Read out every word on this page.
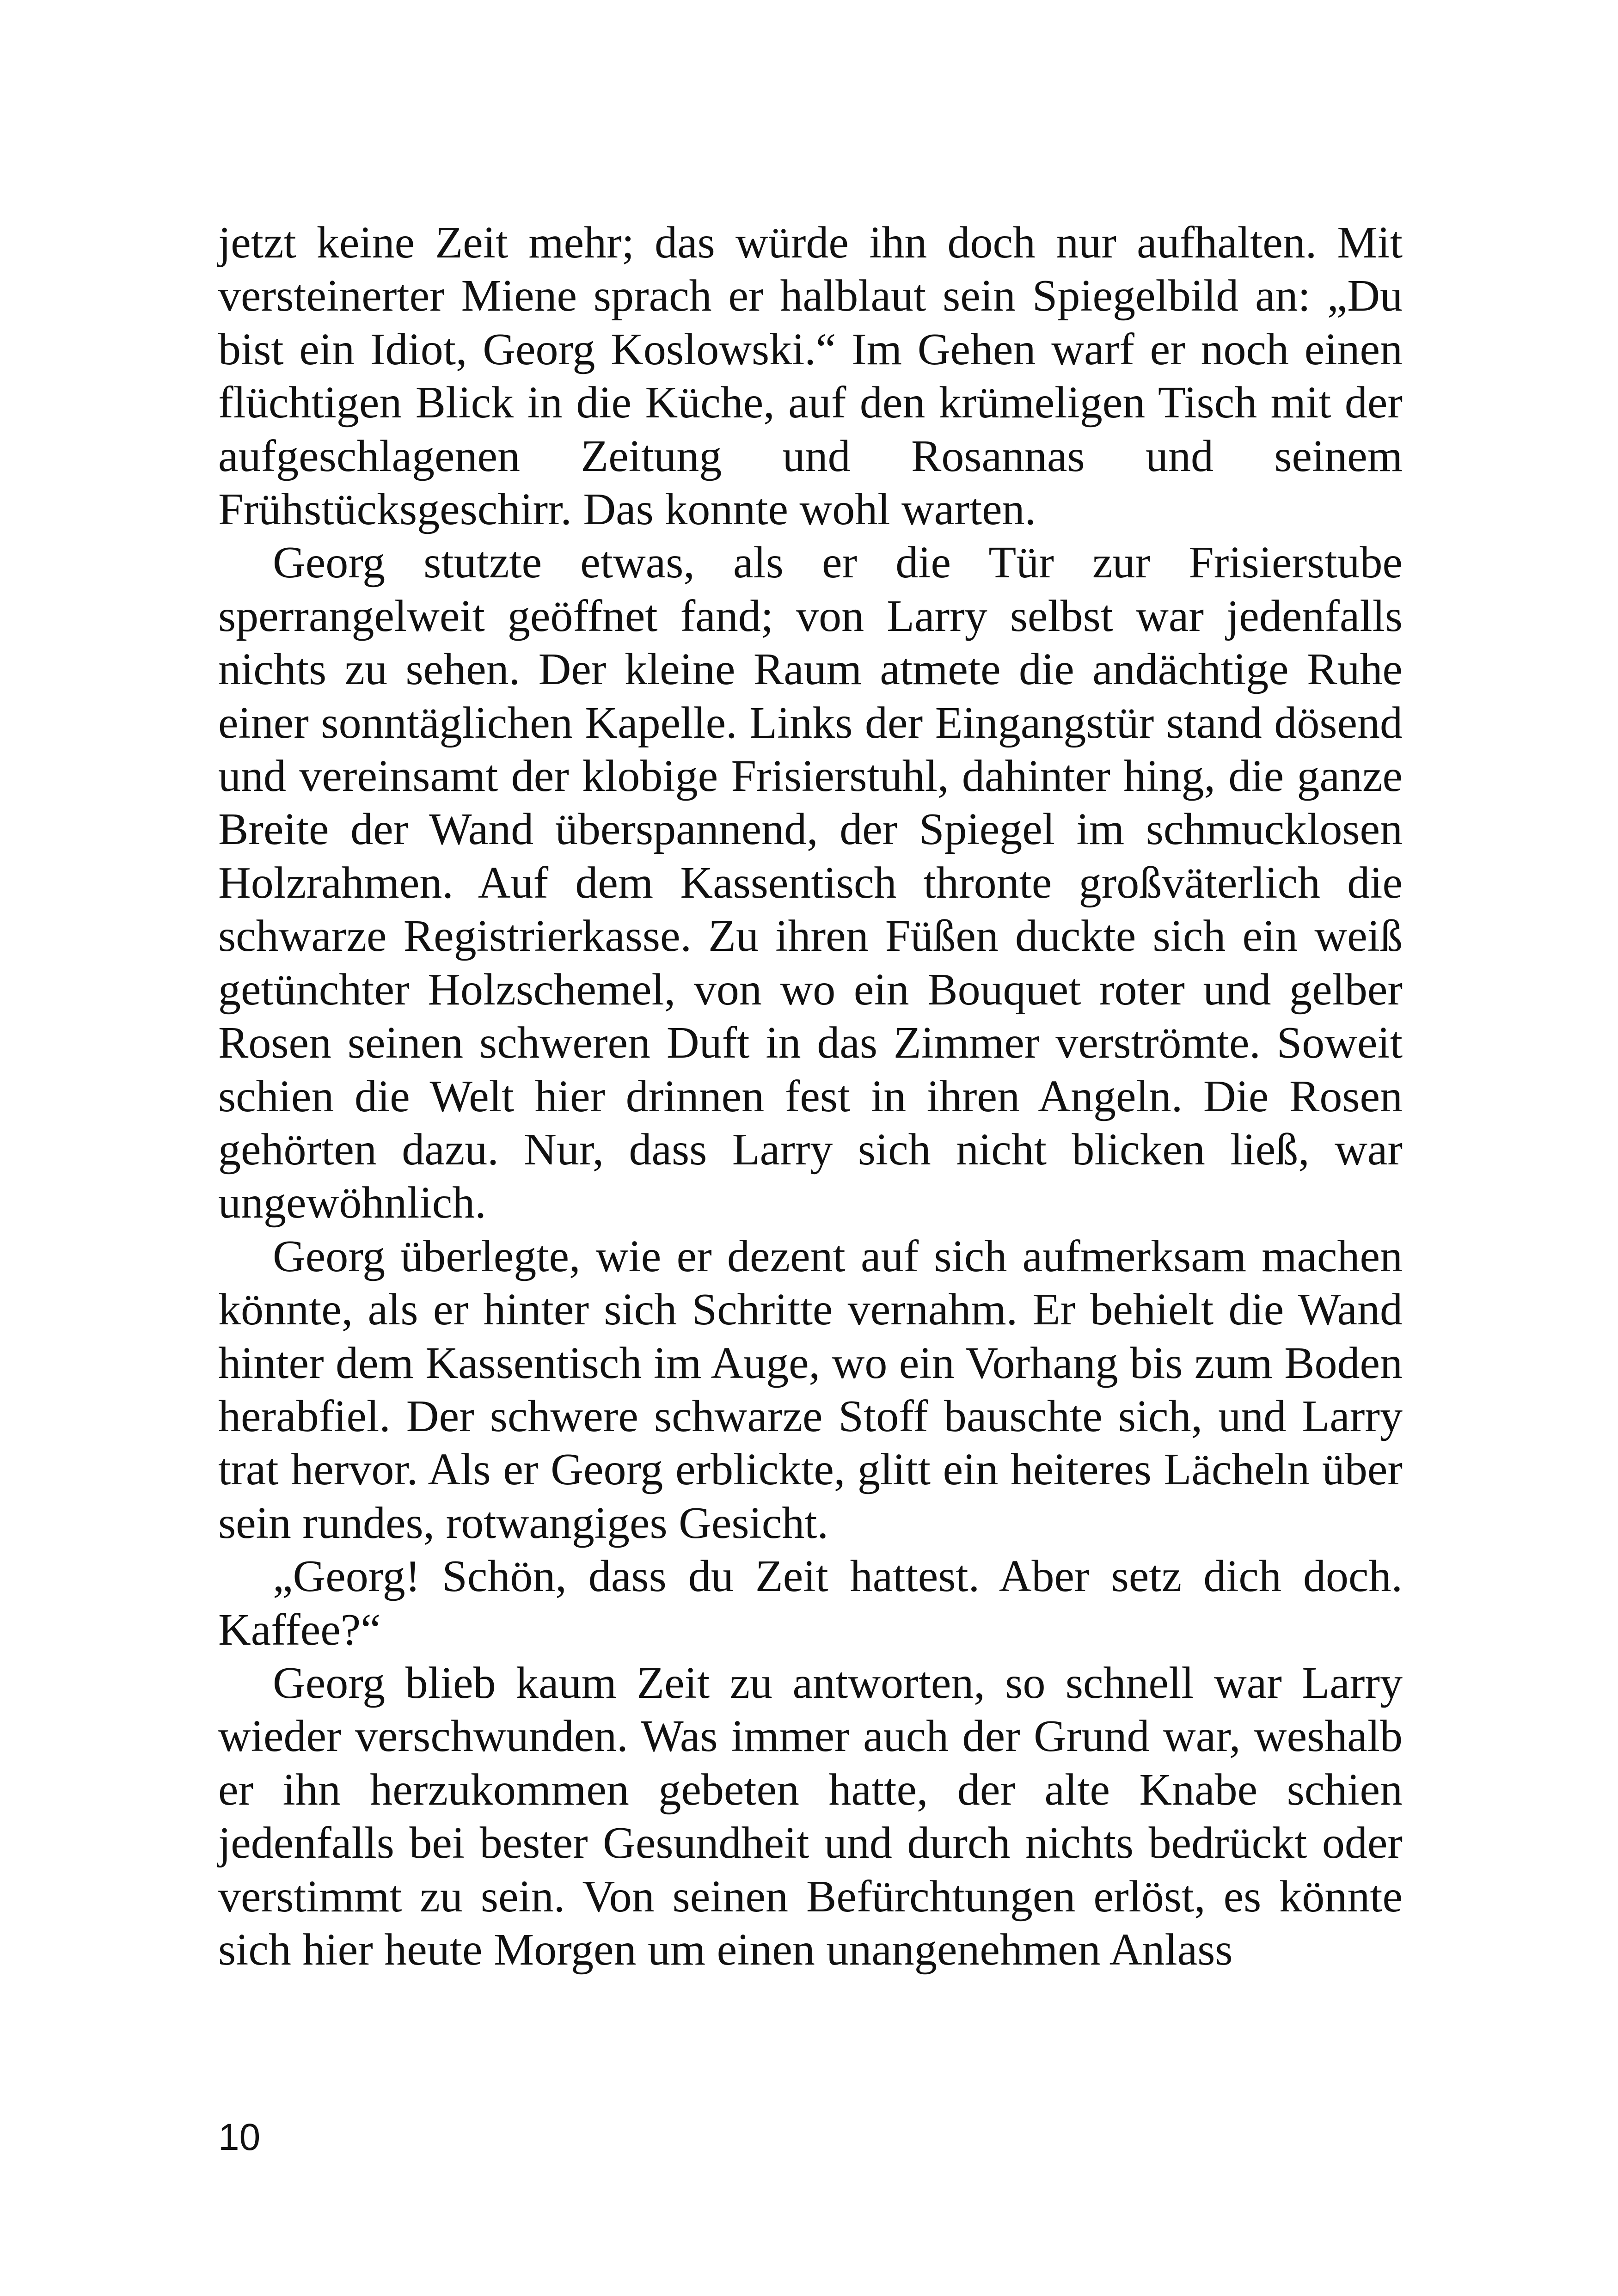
jetzt keine Zeit mehr; das würde ihn doch nur aufhalten. Mit versteinerter Miene sprach er halblaut sein Spiegelbild an: „Du bist ein Idiot, Georg Koslowski.“ Im Gehen warf er noch einen flüchtigen Blick in die Küche, auf den krümeligen Tisch mit der aufgeschlagenen Zeitung und Rosannas und seinem Frühstücksgeschirr. Das konnte wohl warten.

Georg stutzte etwas, als er die Tür zur Frisierstube sperrangelweit geöffnet fand; von Larry selbst war jedenfalls nichts zu sehen. Der kleine Raum atmete die andächtige Ruhe einer sonntäglichen Kapelle. Links der Eingangstür stand dösend und vereinsamt der klobige Frisierstuhl, dahinter hing, die ganze Breite der Wand überspannend, der Spiegel im schmucklosen Holzrahmen. Auf dem Kassentisch thronte großväterlich die schwarze Registrierkasse. Zu ihren Füßen duckte sich ein weiß getünchter Holzschemel, von wo ein Bouquet roter und gelber Rosen seinen schweren Duft in das Zimmer verströmte. Soweit schien die Welt hier drinnen fest in ihren Angeln. Die Rosen gehörten dazu. Nur, dass Larry sich nicht blicken ließ, war ungewöhnlich.

Georg überlegte, wie er dezent auf sich aufmerksam machen könnte, als er hinter sich Schritte vernahm. Er behielt die Wand hinter dem Kassentisch im Auge, wo ein Vorhang bis zum Boden herabfiel. Der schwere schwarze Stoff bauschte sich, und Larry trat hervor. Als er Georg erblickte, glitt ein heiteres Lächeln über sein rundes, rotwangiges Gesicht.

„Georg! Schön, dass du Zeit hattest. Aber setz dich doch. Kaffee?“

Georg blieb kaum Zeit zu antworten, so schnell war Larry wieder verschwunden. Was immer auch der Grund war, weshalb er ihn herzukommen gebeten hatte, der alte Knabe schien jedenfalls bei bester Gesundheit und durch nichts bedrückt oder verstimmt zu sein. Von seinen Befürchtungen erlöst, es könnte sich hier heute Morgen um einen unangenehmen Anlass

10
